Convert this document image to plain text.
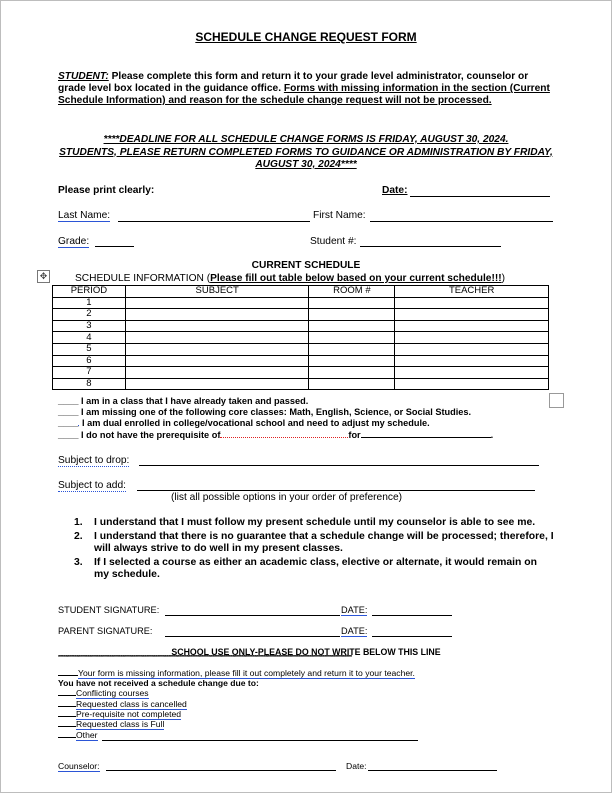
SCHEDULE CHANGE REQUEST FORM
STUDENT: Please complete this form and return it to your grade level administrator, counselor or grade level box located in the guidance office. Forms with missing information in the section (Current Schedule Information) and reason for the schedule change request will not be processed.
****DEADLINE FOR ALL SCHEDULE CHANGE FORMS IS FRIDAY, AUGUST 30, 2024.
STUDENTS, PLEASE RETURN COMPLETED FORMS TO GUIDANCE OR ADMINISTRATION BY FRIDAY, AUGUST 30, 2024****
Please print clearly:	Date:
Last Name:	First Name:
Grade:	Student #:
CURRENT SCHEDULE
✥	SCHEDULE INFORMATION (Please fill out table below based on your current schedule!!!)
PERIOD	SUBJECT	ROOM #	TEACHER
1			
2			
3			
4			
5			
6			
7			
8			
____ I am in a class that I have already taken and passed.
____ I am missing one of the following core classes: Math, English, Science, or Social Studies.
____ I am dual enrolled in college/vocational school and need to adjust my schedule.
____ I do not have the prerequisite of	for	.
Subject to drop:
Subject to add:
(list all possible options in your order of preference)
1. I understand that I must follow my present schedule until my counselor is able to see me.
2. I understand that there is no guarantee that a schedule change will be processed; therefore, I will always strive to do well in my present classes.
3. If I selected a course as either an academic class, elective or alternate, it would remain on my schedule.
STUDENT SIGNATURE:	DATE:
PARENT SIGNATURE:	DATE:
SCHOOL USE ONLY-PLEASE DO NOT WRITE BELOW THIS LINE
****************************************************************************************************************************************************************
Your form is missing information, please fill it out completely and return it to your teacher.
You have not received a schedule change due to:
Conflicting courses
Requested class is cancelled
Pre-requisite not completed
Requested class is Full
Other
Counselor:	Date:
